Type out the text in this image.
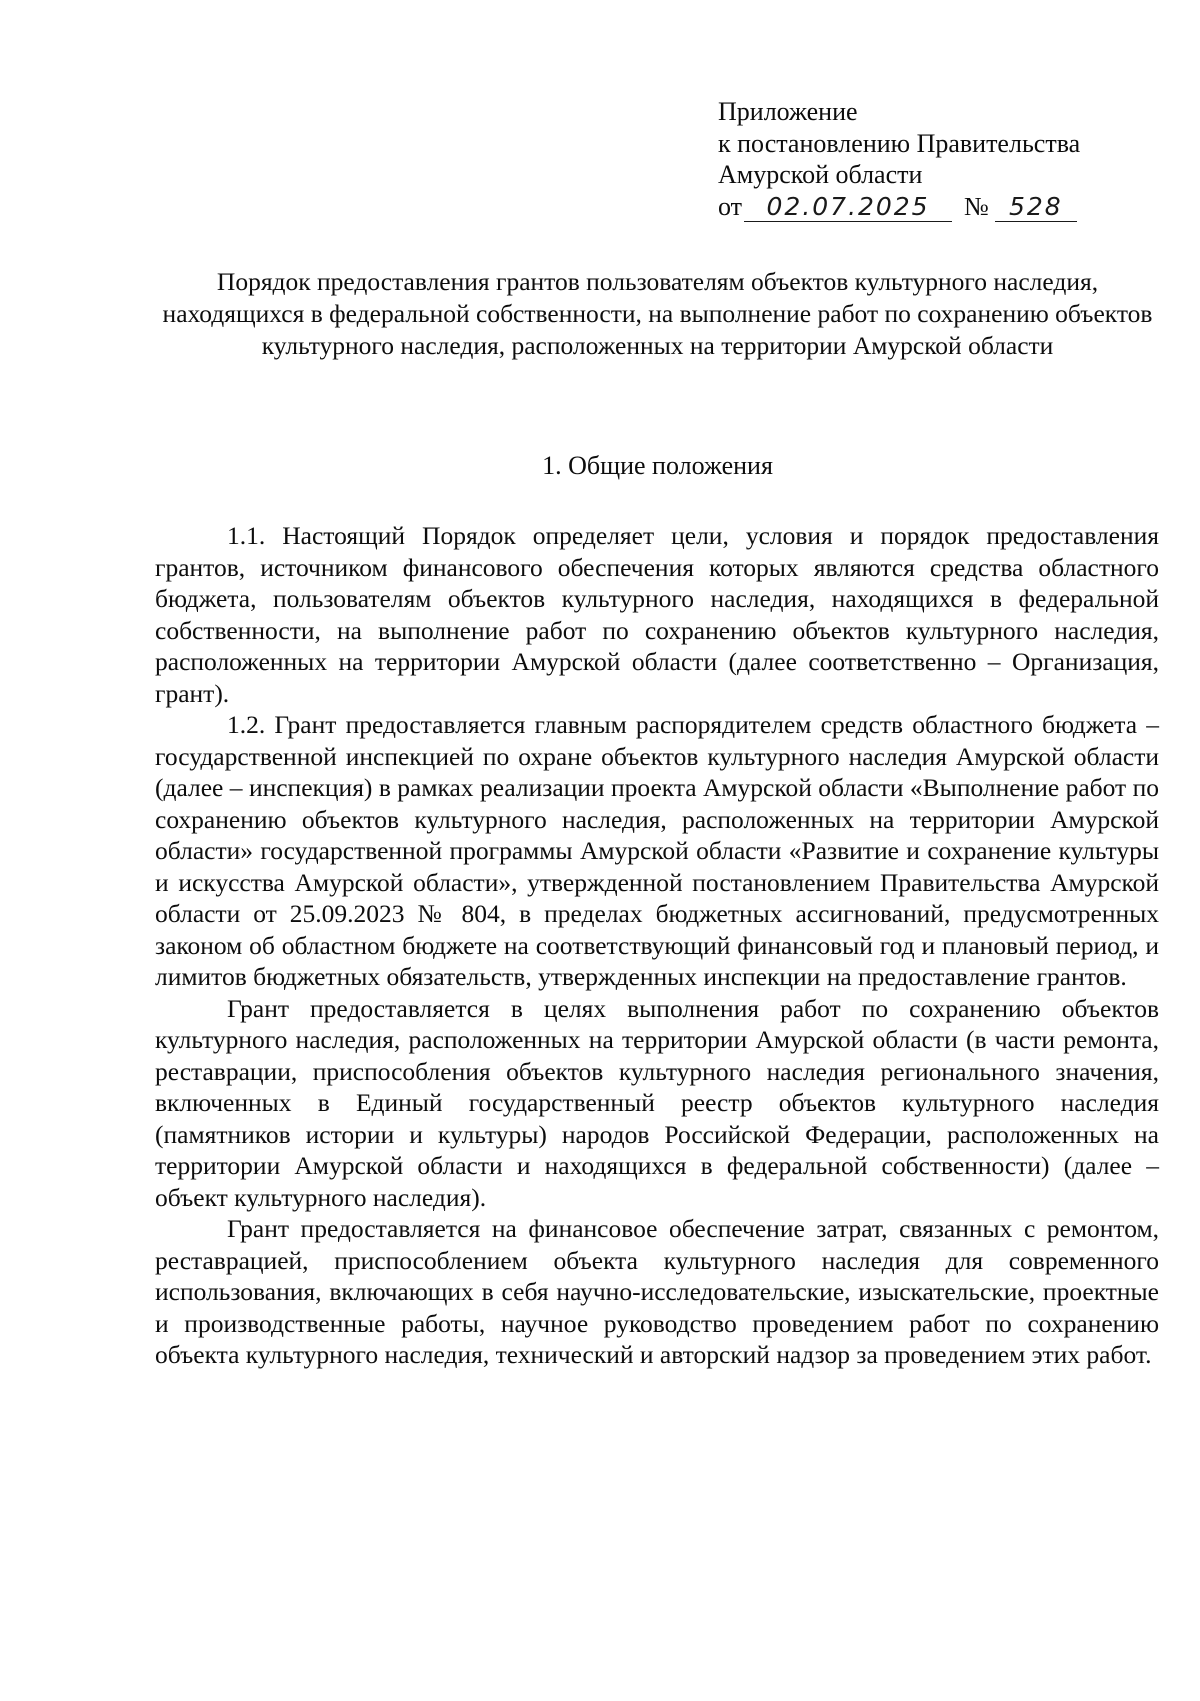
Приложение
к постановлению Правительства
Амурской области
от 02.07.2025	№ 528
Порядок предоставления грантов пользователям объектов культурного наследия, находящихся в федеральной собственности, на выполнение работ по сохранению объектов культурного наследия, расположенных на территории Амурской области
1. Общие положения

1.1. Настоящий Порядок определяет цели, условия и порядок предоставления грантов, источником финансового обеспечения которых являются средства областного бюджета, пользователям объектов культурного наследия, находящихся в федеральной собственности, на выполнение работ по сохранению объектов культурного наследия, расположенных на территории Амурской области (далее соответственно – Организация, грант).

1.2. Грант предоставляется главным распорядителем средств областного бюджета – государственной инспекцией по охране объектов культурного наследия Амурской области (далее – инспекция) в рамках реализации проекта Амурской области «Выполнение работ по сохранению объектов культурного наследия, расположенных на территории Амурской области» государственной программы Амурской области «Развитие и сохранение культуры и искусства Амурской области», утвержденной постановлением Правительства Амурской области от 25.09.2023 № 804, в пределах бюджетных ассигнований, предусмотренных законом об областном бюджете на соответствующий финансовый год и плановый период, и лимитов бюджетных обязательств, утвержденных инспекции на предоставление грантов.

Грант предоставляется в целях выполнения работ по сохранению объектов культурного наследия, расположенных на территории Амурской области (в части ремонта, реставрации, приспособления объектов культурного наследия регионального значения, включенных в Единый государственный реестр объектов культурного наследия (памятников истории и культуры) народов Российской Федерации, расположенных на территории Амурской области и находящихся в федеральной собственности) (далее – объект культурного наследия).

Грант предоставляется на финансовое обеспечение затрат, связанных с ремонтом, реставрацией, приспособлением объекта культурного наследия для современного использования, включающих в себя научно-исследовательские, изыскательские, проектные и производственные работы, научное руководство проведением работ по сохранению объекта культурного наследия, технический и авторский надзор за проведением этих работ.
